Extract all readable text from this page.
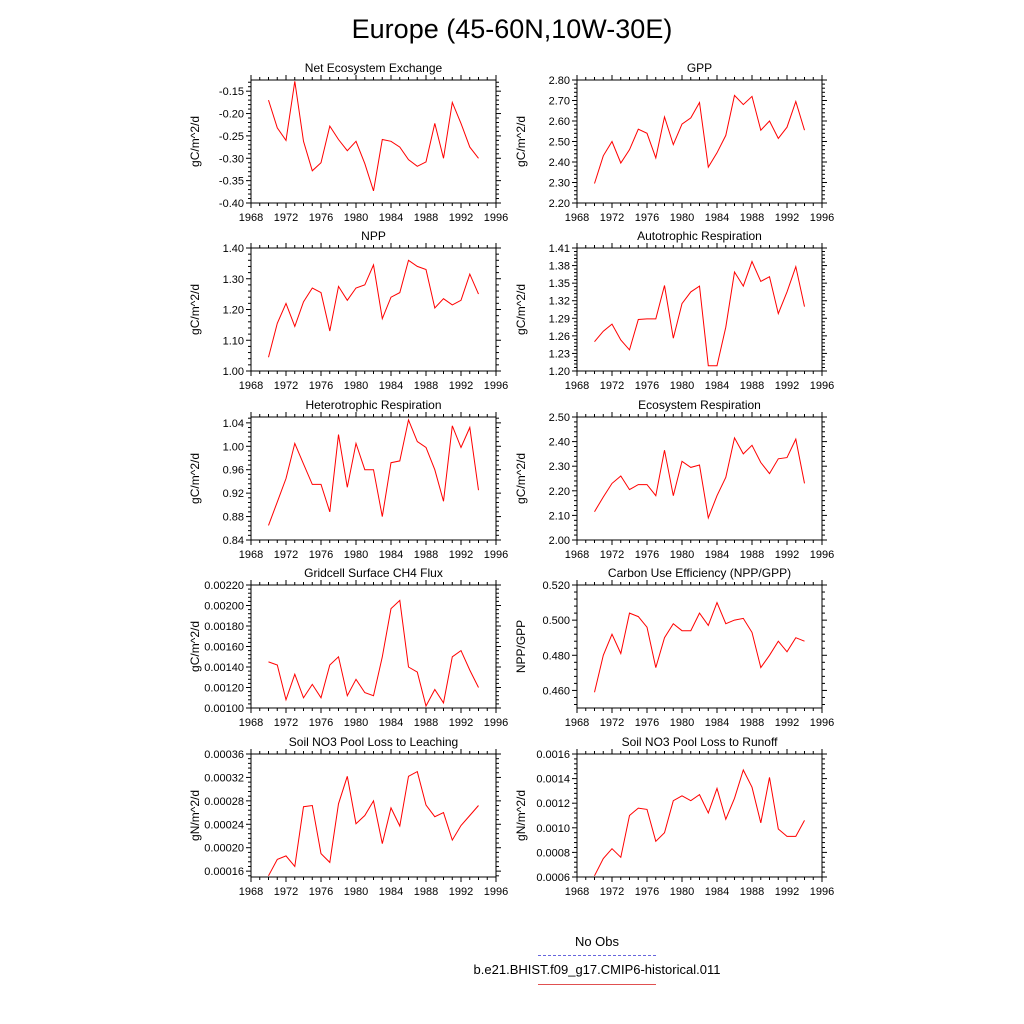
Europe (45-60N,10W-30E)
Net Ecosystem Exchange
gC/m^2/d
1968 1972 1976 1980 1984 1988 1992 1996
-0.40
-0.35
-0.30
-0.25
-0.20
-0.15
GPP
gC/m^2/d
1968 1972 1976 1980 1984 1988 1992 1996
2.20
2.30
2.40
2.50
2.60
2.70
2.80
NPP
gC/m^2/d
1968 1972 1976 1980 1984 1988 1992 1996
1.00
1.10
1.20
1.30
1.40
Autotrophic Respiration
gC/m^2/d
1968 1972 1976 1980 1984 1988 1992 1996
1.20
1.23
1.26
1.29
1.32
1.35
1.38
1.41
Heterotrophic Respiration
gC/m^2/d
1968 1972 1976 1980 1984 1988 1992 1996
0.84
0.88
0.92
0.96
1.00
1.04
Ecosystem Respiration
gC/m^2/d
1968 1972 1976 1980 1984 1988 1992 1996
2.00
2.10
2.20
2.30
2.40
2.50
Gridcell Surface CH4 Flux
gC/m^2/d
1968 1972 1976 1980 1984 1988 1992 1996
0.00100
0.00120
0.00140
0.00160
0.00180
0.00200
0.00220
Carbon Use Efficiency (NPP/GPP)
NPP/GPP
1968 1972 1976 1980 1984 1988 1992 1996
0.460
0.480
0.500
0.520
Soil NO3 Pool Loss to Leaching
gN/m^2/d
1968 1972 1976 1980 1984 1988 1992 1996
0.00016
0.00020
0.00024
0.00028
0.00032
0.00036
Soil NO3 Pool Loss to Runoff
gN/m^2/d
1968 1972 1976 1980 1984 1988 1992 1996
0.0006
0.0008
0.0010
0.0012
0.0014
0.0016
No Obs
b.e21.BHIST.f09_g17.CMIP6-historical.011
